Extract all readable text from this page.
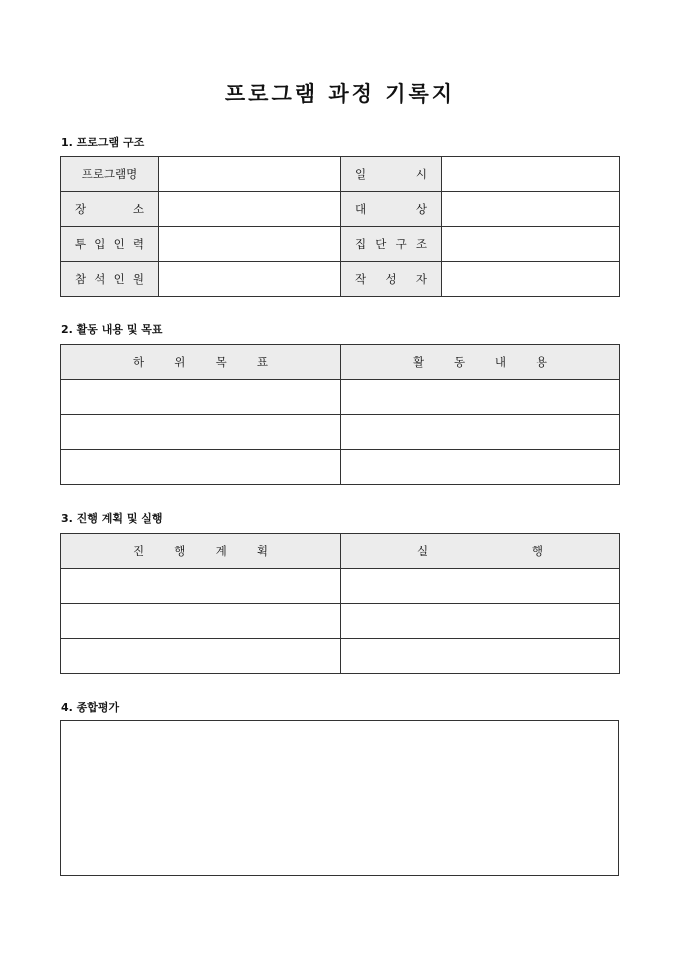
프로그램 과정 기록지
1. 프로그램 구조
프로그램명		일 시	

장 소		대 상	

투 입 인 력		집 단 구 조	

참 석 인 원		작 성 자	

2. 활동 내용 및 목표
하 위 목 표	활 동 내 용

3. 진행 계획 및 실행
진 행 계 획	실 행

4. 종합평가
